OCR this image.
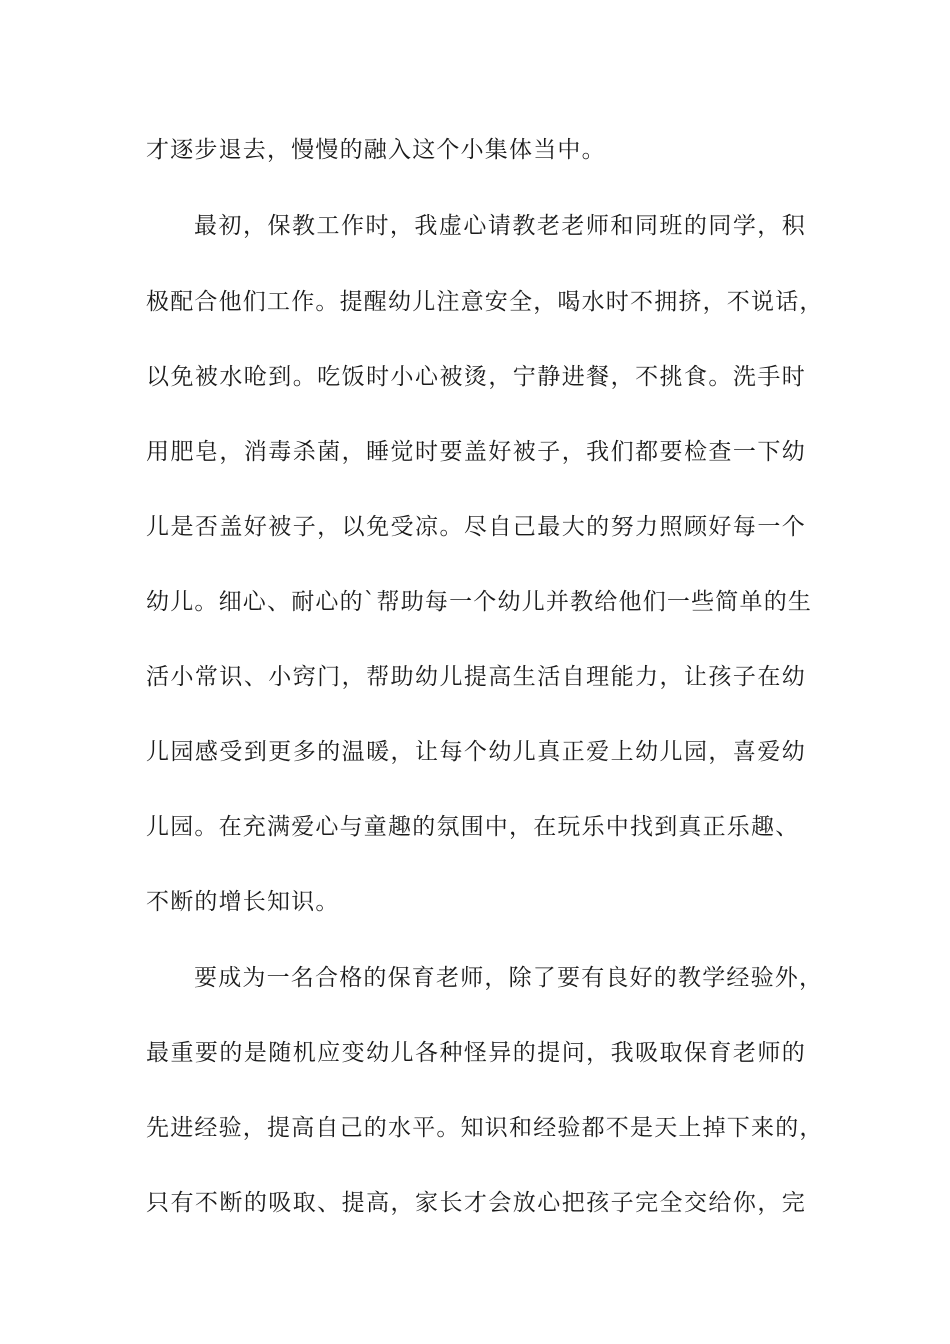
才逐步退去，慢慢的融入这个小集体当中。
最初，保教工作时，我虚心请教老老师和同班的同学，积
极配合他们工作。提醒幼儿注意安全，喝水时不拥挤，不说话，
以免被水呛到。吃饭时小心被烫，宁静进餐，不挑食。洗手时
用肥皂，消毒杀菌，睡觉时要盖好被子，我们都要检查一下幼
儿是否盖好被子，以免受凉。尽自己最大的努力照顾好每一个
幼儿。细心、耐心的`帮助每一个幼儿并教给他们一些简单的生
活小常识、小窍门，帮助幼儿提高生活自理能力，让孩子在幼
儿园感受到更多的温暖，让每个幼儿真正爱上幼儿园，喜爱幼
儿园。在充满爱心与童趣的氛围中，在玩乐中找到真正乐趣、
不断的增长知识。
要成为一名合格的保育老师，除了要有良好的教学经验外，
最重要的是随机应变幼儿各种怪异的提问，我吸取保育老师的
先进经验，提高自己的水平。知识和经验都不是天上掉下来的，
只有不断的吸取、提高，家长才会放心把孩子完全交给你，完
